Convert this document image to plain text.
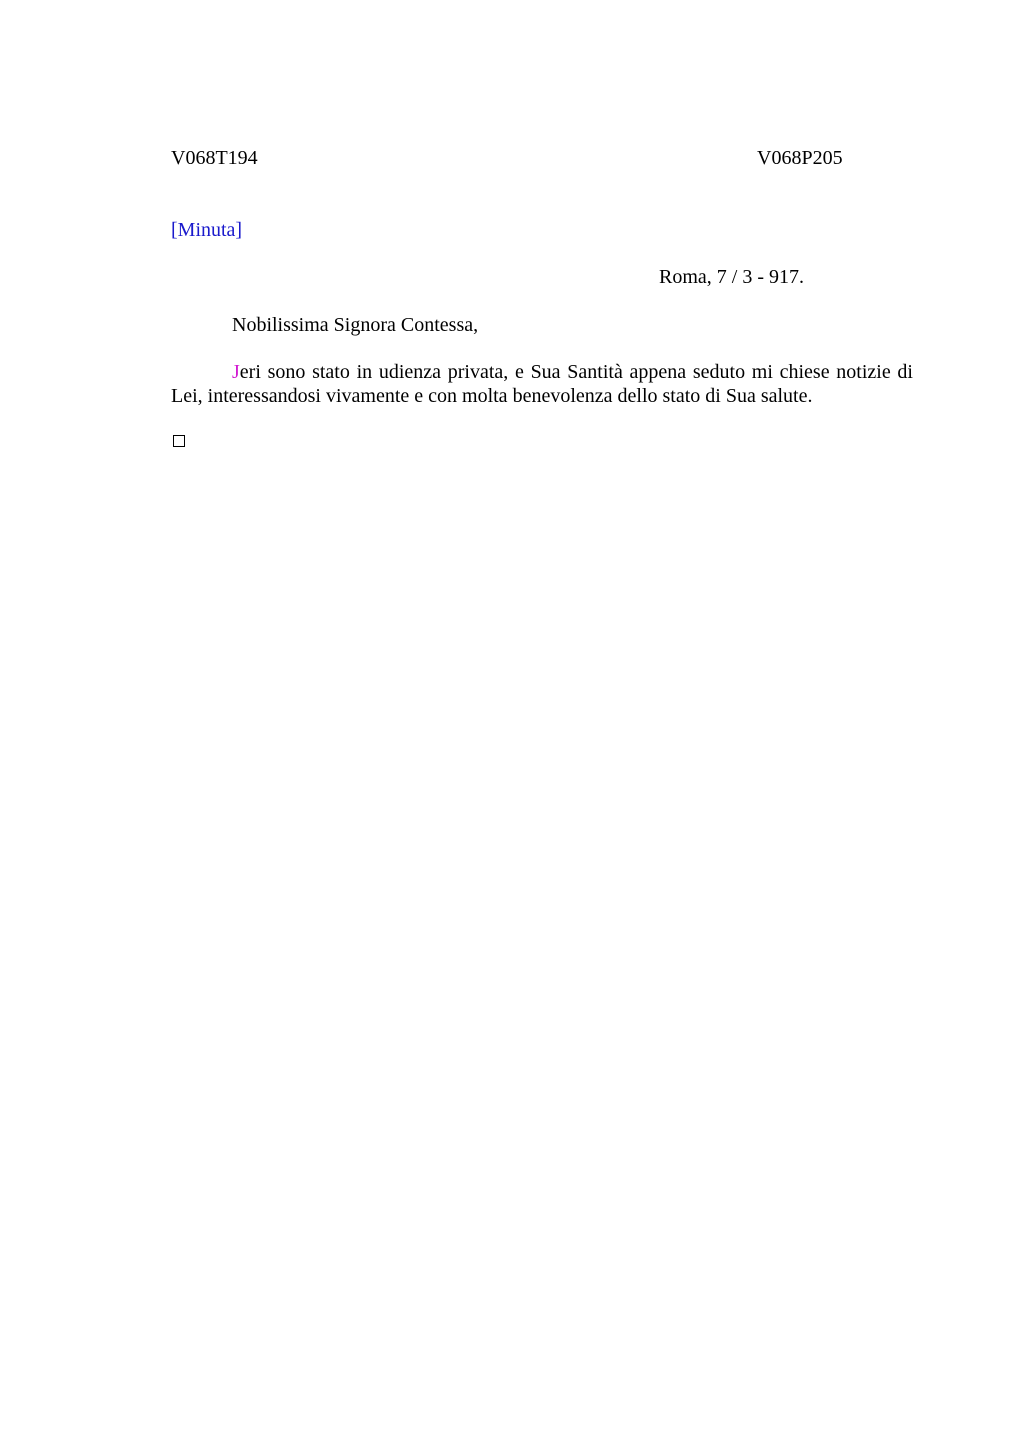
V068T194	V068P205
[Minuta]
Roma, 7 / 3 - 917.
Nobilissima Signora Contessa,

Jeri sono stato in udienza privata, e Sua Santità appena seduto mi chiese notizie di Lei, interessandosi vivamente e con molta benevolenza dello stato di Sua salute.
